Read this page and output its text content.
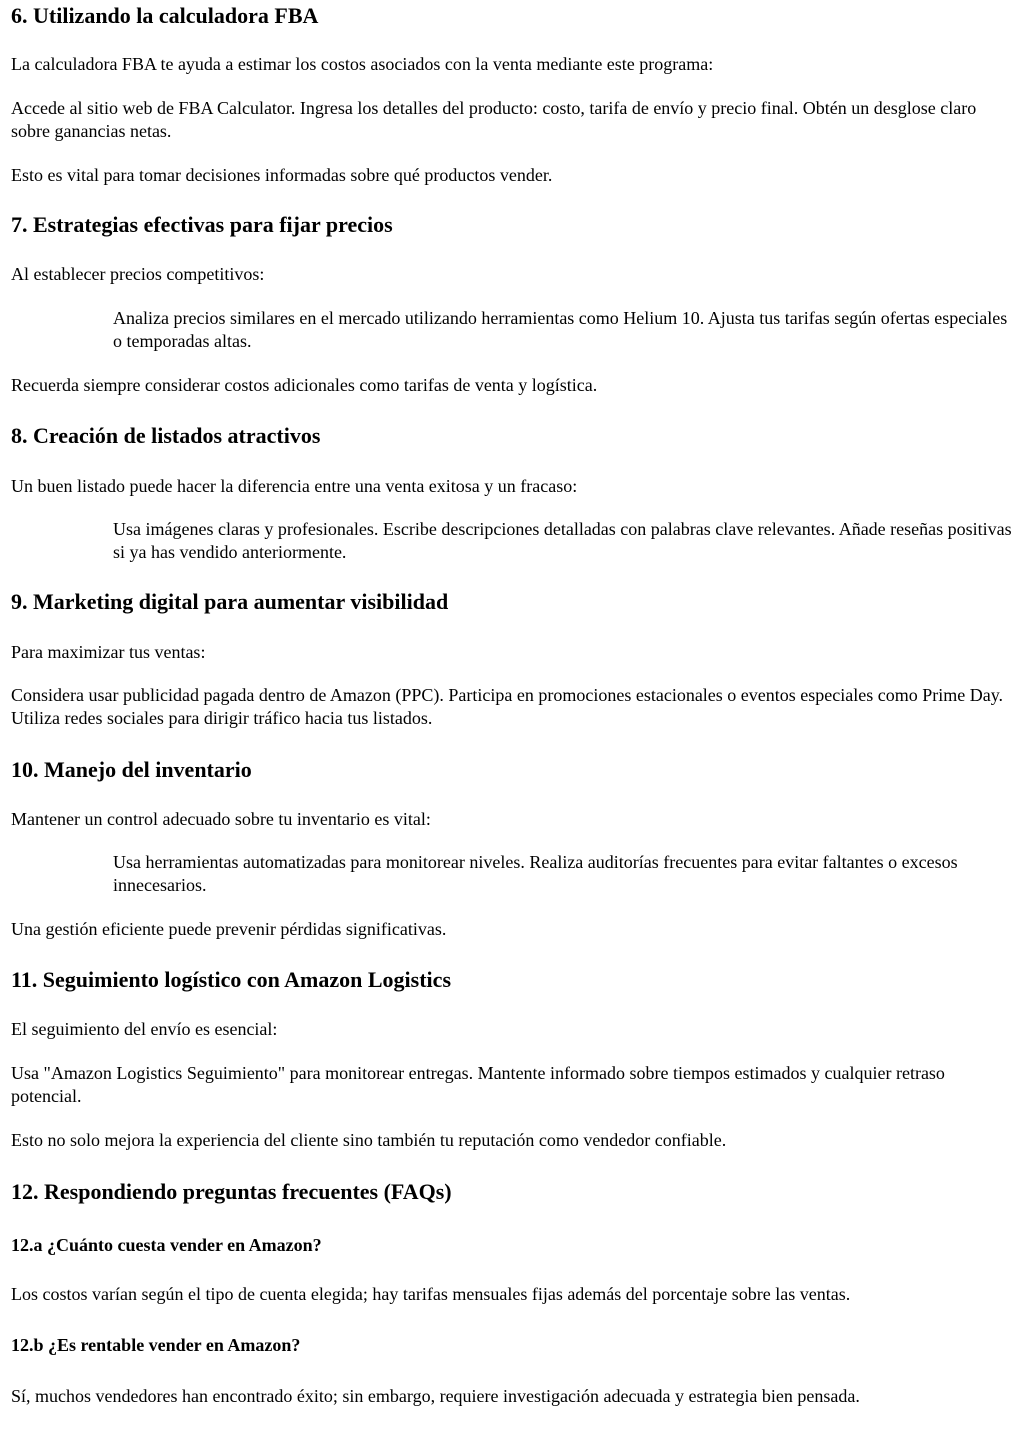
6. Utilizando la calculadora FBA

La calculadora FBA te ayuda a estimar los costos asociados con la venta mediante este programa:

Accede al sitio web de FBA Calculator. Ingresa los detalles del producto: costo, tarifa de envío y precio final. Obtén un desglose claro sobre ganancias netas.

Esto es vital para tomar decisiones informadas sobre qué productos vender.

7. Estrategias efectivas para fijar precios

Al establecer precios competitivos:

Analiza precios similares en el mercado utilizando herramientas como Helium 10. Ajusta tus tarifas según ofertas especiales o temporadas altas.

Recuerda siempre considerar costos adicionales como tarifas de venta y logística.

8. Creación de listados atractivos

Un buen listado puede hacer la diferencia entre una venta exitosa y un fracaso:

Usa imágenes claras y profesionales. Escribe descripciones detalladas con palabras clave relevantes. Añade reseñas positivas si ya has vendido anteriormente.
9. Marketing digital para aumentar visibilidad

Para maximizar tus ventas:

Considera usar publicidad pagada dentro de Amazon (PPC). Participa en promociones estacionales o eventos especiales como Prime Day. Utiliza redes sociales para dirigir tráfico hacia tus listados.

10. Manejo del inventario

Mantener un control adecuado sobre tu inventario es vital:

Usa herramientas automatizadas para monitorear niveles. Realiza auditorías frecuentes para evitar faltantes o excesos innecesarios.

Una gestión eficiente puede prevenir pérdidas significativas.

11. Seguimiento logístico con Amazon Logistics

El seguimiento del envío es esencial:

Usa "Amazon Logistics Seguimiento" para monitorear entregas. Mantente informado sobre tiempos estimados y cualquier retraso potencial.

Esto no solo mejora la experiencia del cliente sino también tu reputación como vendedor confiable.

12. Respondiendo preguntas frecuentes (FAQs)
12.a ¿Cuánto cuesta vender en Amazon?

Los costos varían según el tipo de cuenta elegida; hay tarifas mensuales fijas además del porcentaje sobre las ventas.

12.b ¿Es rentable vender en Amazon?

Sí, muchos vendedores han encontrado éxito; sin embargo, requiere investigación adecuada y estrategia bien pensada.
